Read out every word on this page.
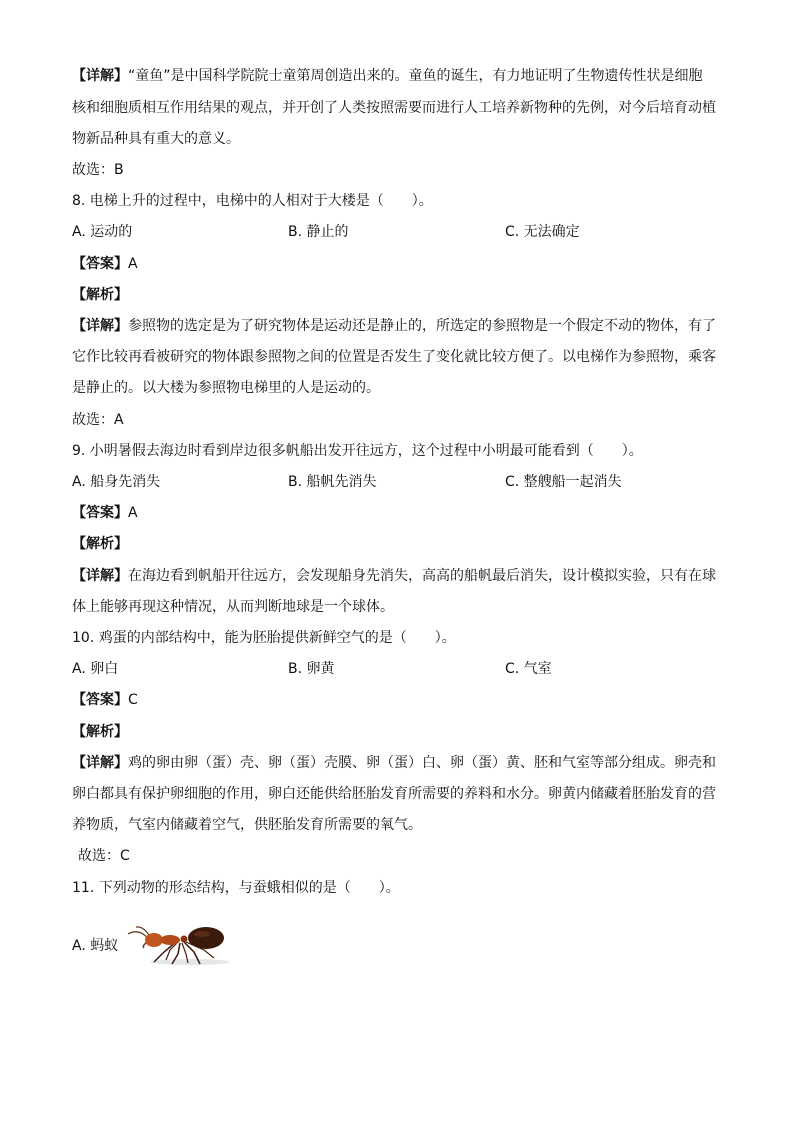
【详解】“童鱼”是中国科学院院士童第周创造出来的。童鱼的诞生，有力地证明了生物遗传性状是细胞
核和细胞质相互作用结果的观点，并开创了人类按照需要而进行人工培养新物种的先例，对今后培育动植
物新品种具有重大的意义。
故选：B
8. 电梯上升的过程中，电梯中的人相对于大楼是（　　）。
A. 运动的	B. 静止的	C. 无法确定
【答案】A
【解析】
【详解】参照物的选定是为了研究物体是运动还是静止的，所选定的参照物是一个假定不动的物体，有了
它作比较再看被研究的物体跟参照物之间的位置是否发生了变化就比较方便了。以电梯作为参照物，乘客
是静止的。以大楼为参照物电梯里的人是运动的。
故选：A
9. 小明暑假去海边时看到岸边很多帆船出发开往远方，这个过程中小明最可能看到（　　）。
A. 船身先消失	B. 船帆先消失	C. 整艘船一起消失
【答案】A
【解析】
【详解】在海边看到帆船开往远方，会发现船身先消失，高高的船帆最后消失，设计模拟实验，只有在球
体上能够再现这种情况，从而判断地球是一个球体。
10. 鸡蛋的内部结构中，能为胚胎提供新鲜空气的是（　　）。
A. 卵白	B. 卵黄	C. 气室
【答案】C
【解析】
【详解】鸡的卵由卵（蛋）壳、卵（蛋）壳膜、卵（蛋）白、卵（蛋）黄、胚和气室等部分组成。卵壳和
卵白都具有保护卵细胞的作用，卵白还能供给胚胎发育所需要的养料和水分。卵黄内储藏着胚胎发育的营
养物质，气室内储藏着空气，供胚胎发育所需要的氧气。
故选：C
11. 下列动物的形态结构，与蚕蛾相似的是（　　）。
A. 蚂蚁
